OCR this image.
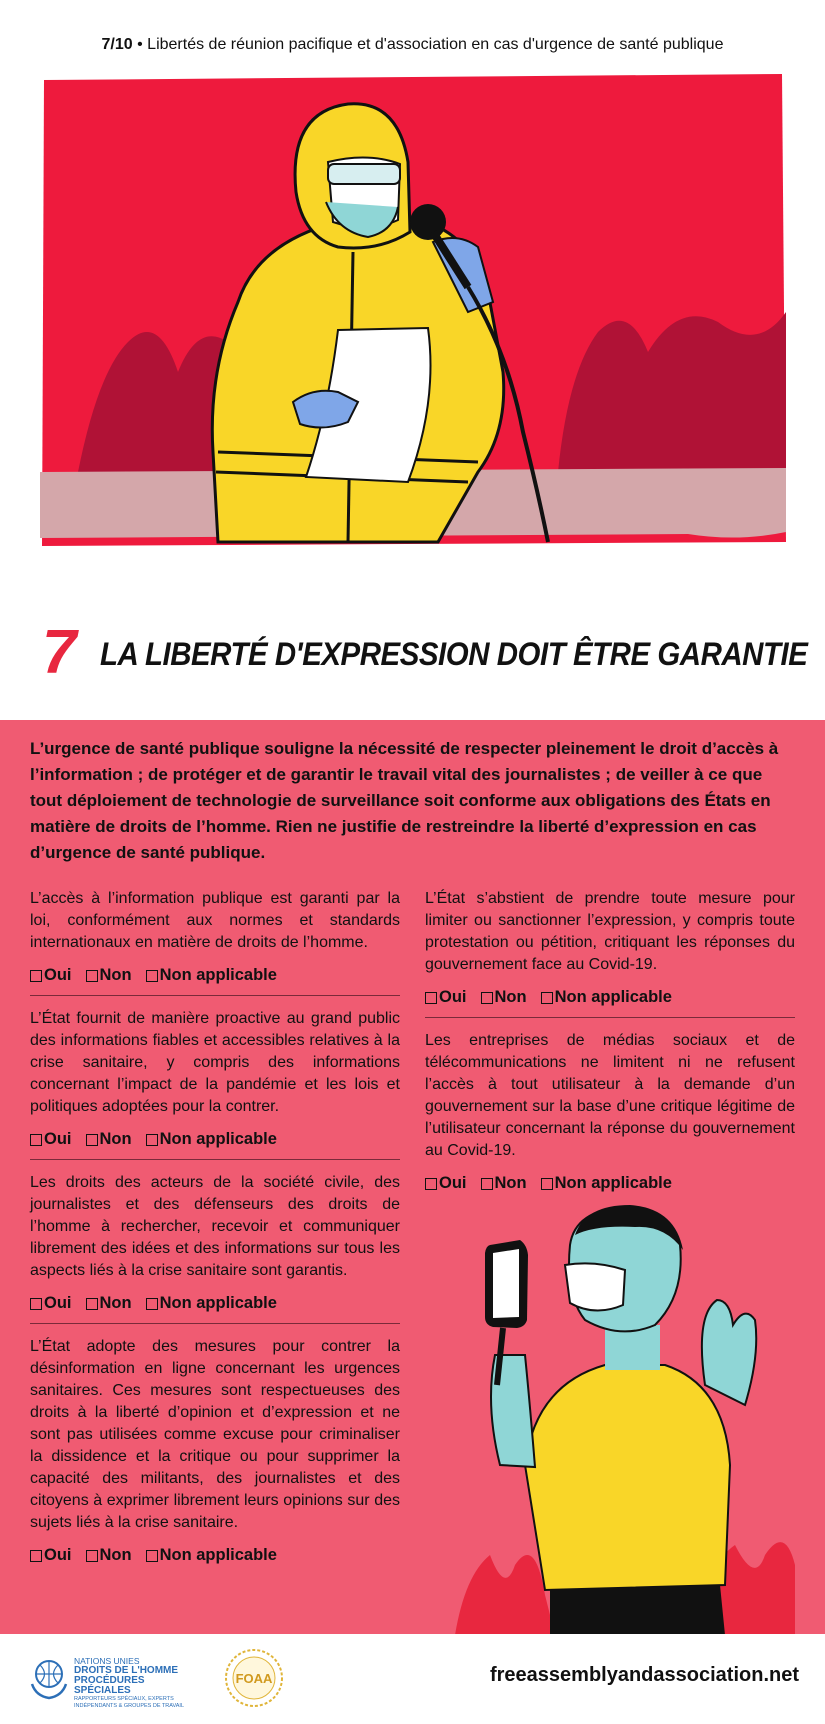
7/10 • Libertés de réunion pacifique et d'association en cas d'urgence de santé publique
7 LA LIBERTÉ D'EXPRESSION DOIT ÊTRE GARANTIE

L’urgence de santé publique souligne la nécessité de respecter pleinement le droit d’accès à l’information ; de protéger et de garantir le travail vital des journalistes ; de veiller à ce que tout déploiement de technologie de surveillance soit conforme aux obligations des États en matière de droits de l’homme. Rien ne justifie de restreindre la liberté d’expression en cas d’urgence de santé publique.

L’accès à l’information publique est garanti par la loi, conformément aux normes et standards internationaux en matière de droits de l’homme.

Oui Non Non applicable

L’État fournit de manière proactive au grand public des informations fiables et accessibles relatives à la crise sanitaire, y compris des informations concernant l’impact de la pandémie et les lois et politiques adoptées pour la contrer.

Oui Non Non applicable

Les droits des acteurs de la société civile, des journalistes et des défenseurs des droits de l’homme à rechercher, recevoir et communiquer librement des idées et des informations sur tous les aspects liés à la crise sanitaire sont garantis.

Oui Non Non applicable

L’État adopte des mesures pour contrer la désinformation en ligne concernant les urgences sanitaires. Ces mesures sont respectueuses des droits à la liberté d’opinion et d’expression et ne sont pas utilisées comme excuse pour criminaliser la dissidence et la critique ou pour supprimer la capacité des militants, des journalistes et des citoyens à exprimer librement leurs opinions sur des sujets liés à la crise sanitaire.

Oui Non Non applicable

L’État s’abstient de prendre toute mesure pour limiter ou sanctionner l’expression, y compris toute protestation ou pétition, critiquant les réponses du gouvernement face au Covid-19.

Oui Non Non applicable

Les entreprises de médias sociaux et de télécommunications ne limitent ni ne refusent l’accès à tout utilisateur à la demande d’un gouvernement sur la base d’une critique légitime de l’utilisateur concernant la réponse du gouvernement au Covid-19.

Oui Non Non applicable
NATIONS UNIES
DROITS DE L'HOMME
PROCÉDURES SPÉCIALES
RAPPORTEURS SPÉCIAUX, EXPERTS INDÉPENDANTS & GROUPES DE TRAVAIL
FOAA	freeassemblyandassociation.net
